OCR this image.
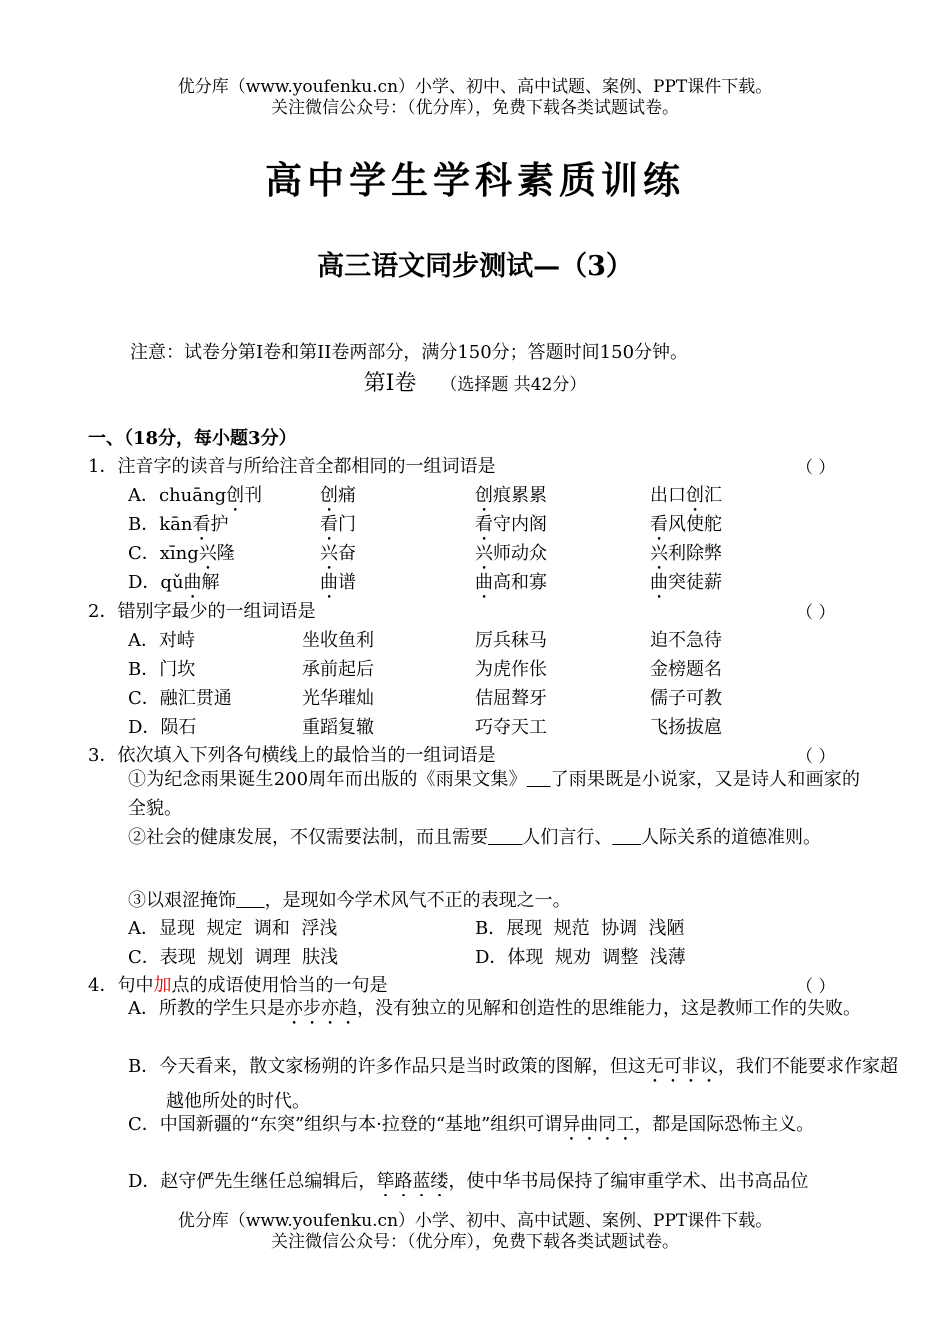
优分库（www.youfenku.cn）小学、初中、高中试题、案例、PPT课件下载。
关注微信公众号：（优分库），免费下载各类试题试卷。
高中学生学科素质训练
高三语文同步测试—（3）
注意：试卷分第I卷和第II卷两部分，满分150分；答题时间150分钟。
第Ⅰ卷 （选择题 共42分）
一、（18分，每小题3分）
1．注音字的读音与所给注音全都相同的一组词语是	（ ）
A．chuāng创刊	创痛	创痕累累	出口创汇
B．kān看护	看门	看守内阁	看风使舵
C．xīng兴隆	兴奋	兴师动众	兴利除弊
D．qǔ曲解	曲谱	曲高和寡	曲突徒薪
2．错别字最少的一组词语是	（ ）
A．对峙	坐收鱼利	厉兵秣马	迫不急待
B．门坎	承前起后	为虎作伥	金榜题名
C．融汇贯通	光华璀灿	佶屈聱牙	儒子可教
D．陨石	重蹈复辙	巧夺天工	飞扬拔扈
3．依次填入下列各句横线上的最恰当的一组词语是	（ ）
①为纪念雨果诞生200周年而出版的《雨果文集》 了雨果既是小说家，又是诗人和画家的全貌。
②社会的健康发展，不仅需要法制，而且需要 人们言行、 人际关系的道德准则。
③以艰涩掩饰 ，是现如今学术风气不正的表现之一。
A．显现  规定  调和  浮浅	B．展现  规范  协调  浅陋
C．表现  规划  调理  肤浅	D．体现  规劝  调整  浅薄
4．句中加点的成语使用恰当的一句是	（ ）
A．所教的学生只是亦步亦趋，没有独立的见解和创造性的思维能力，这是教师工作的失败。
B．今天看来，散文家杨朔的许多作品只是当时政策的图解，但这无可非议，我们不能要求作家超越他所处的时代。
C．中国新疆的“东突”组织与本·拉登的“基地”组织可谓异曲同工，都是国际恐怖主义。
D．赵守俨先生继任总编辑后，筚路蓝缕，使中华书局保持了编审重学术、出书高品位
优分库（www.youfenku.cn）小学、初中、高中试题、案例、PPT课件下载。
关注微信公众号：（优分库），免费下载各类试题试卷。
